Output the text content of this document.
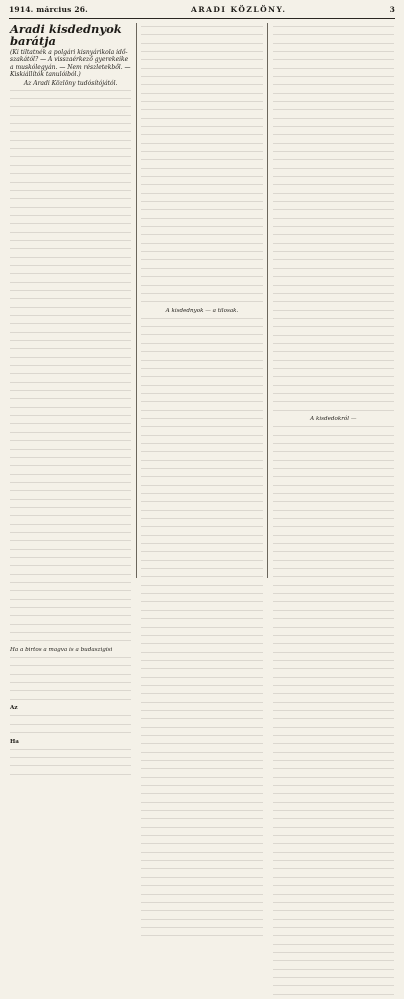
1914. március 26.	ARADI KÖZLÖNY.	3
Aradi kisdednyok barátja
(Ki tiltatnék a polgári kisnyárikola időszakától? — A visszaérkező gyerekeike a muskólegyán. — Nem részletekből. — Kiskiállítók tanulóiból.)
Az Aradi Közlöny tudósítójától.
Ha a birtos a magva is a budaszigisi
Az
Ha
A kisdednyok — a tilosak.
A kisdedokról —
